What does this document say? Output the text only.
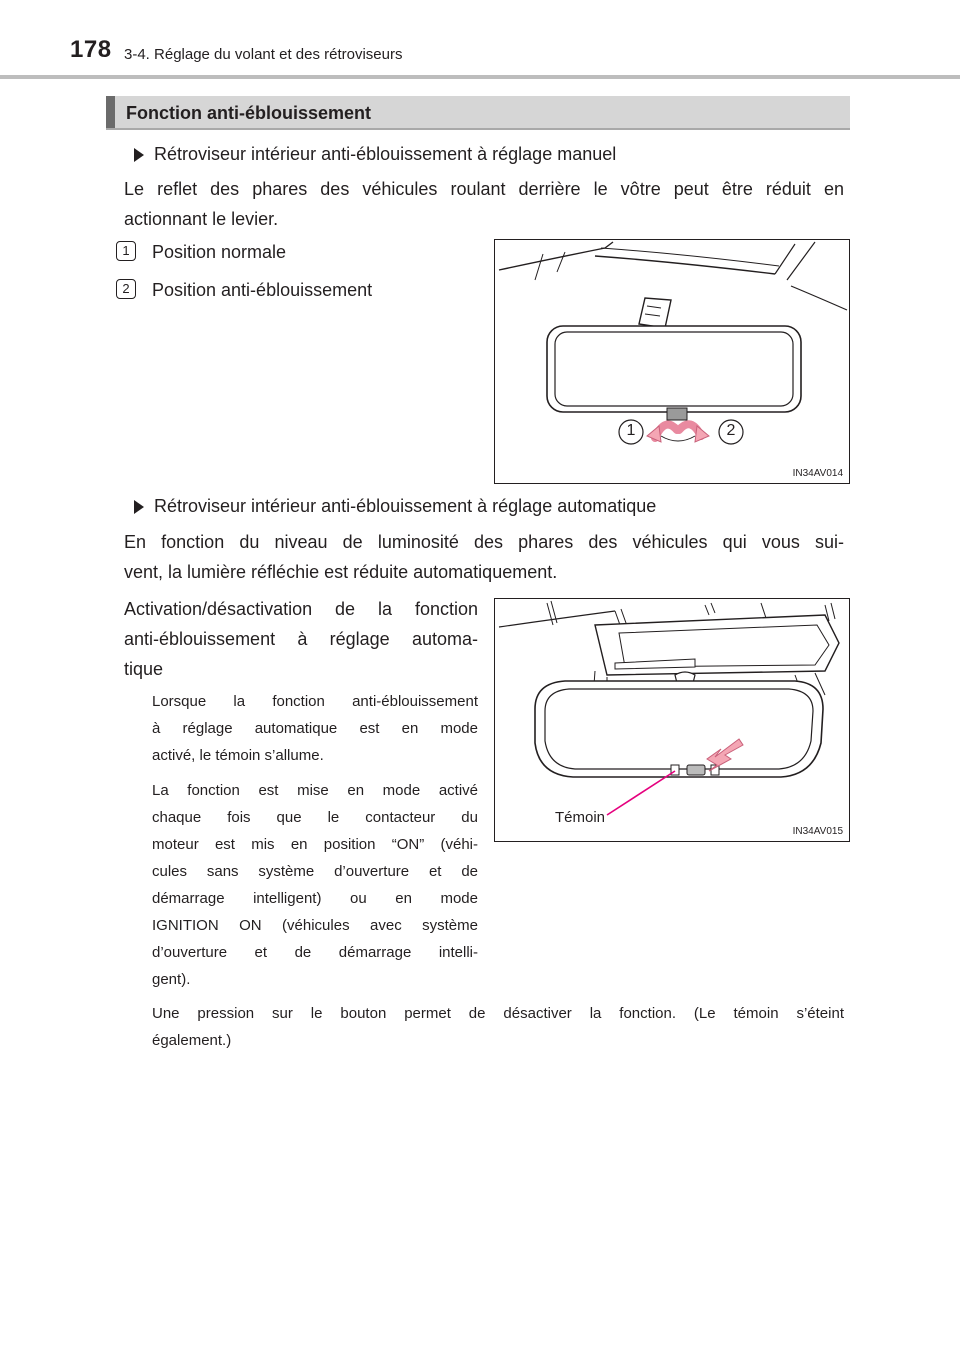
178 3-4. Réglage du volant et des rétroviseurs
Fonction anti-éblouissement
Rétroviseur intérieur anti-éblouissement à réglage manuel
Le reflet des phares des véhicules roulant derrière le vôtre peut être réduit en
actionnant le levier.
1	Position normale
2	Position anti-éblouissement
1	2
IN34AV014
Rétroviseur intérieur anti-éblouissement à réglage automatique
En fonction du niveau de luminosité des phares des véhicules qui vous sui-
vent, la lumière réfléchie est réduite automatiquement.
Activation/désactivation de la fonction
anti-éblouissement à réglage automa-
tique
Lorsque la fonction anti-éblouissement
à réglage automatique est en mode
activé, le témoin s’allume.
La fonction est mise en mode activé
chaque fois que le contacteur du
moteur est mis en position “ON” (véhi-
cules sans système d’ouverture et de
démarrage intelligent) ou en mode
IGNITION ON (véhicules avec système
d’ouverture et de démarrage intelli-
gent).
Témoin
IN34AV015
Une pression sur le bouton permet de désactiver la fonction. (Le témoin s’éteint
également.)
